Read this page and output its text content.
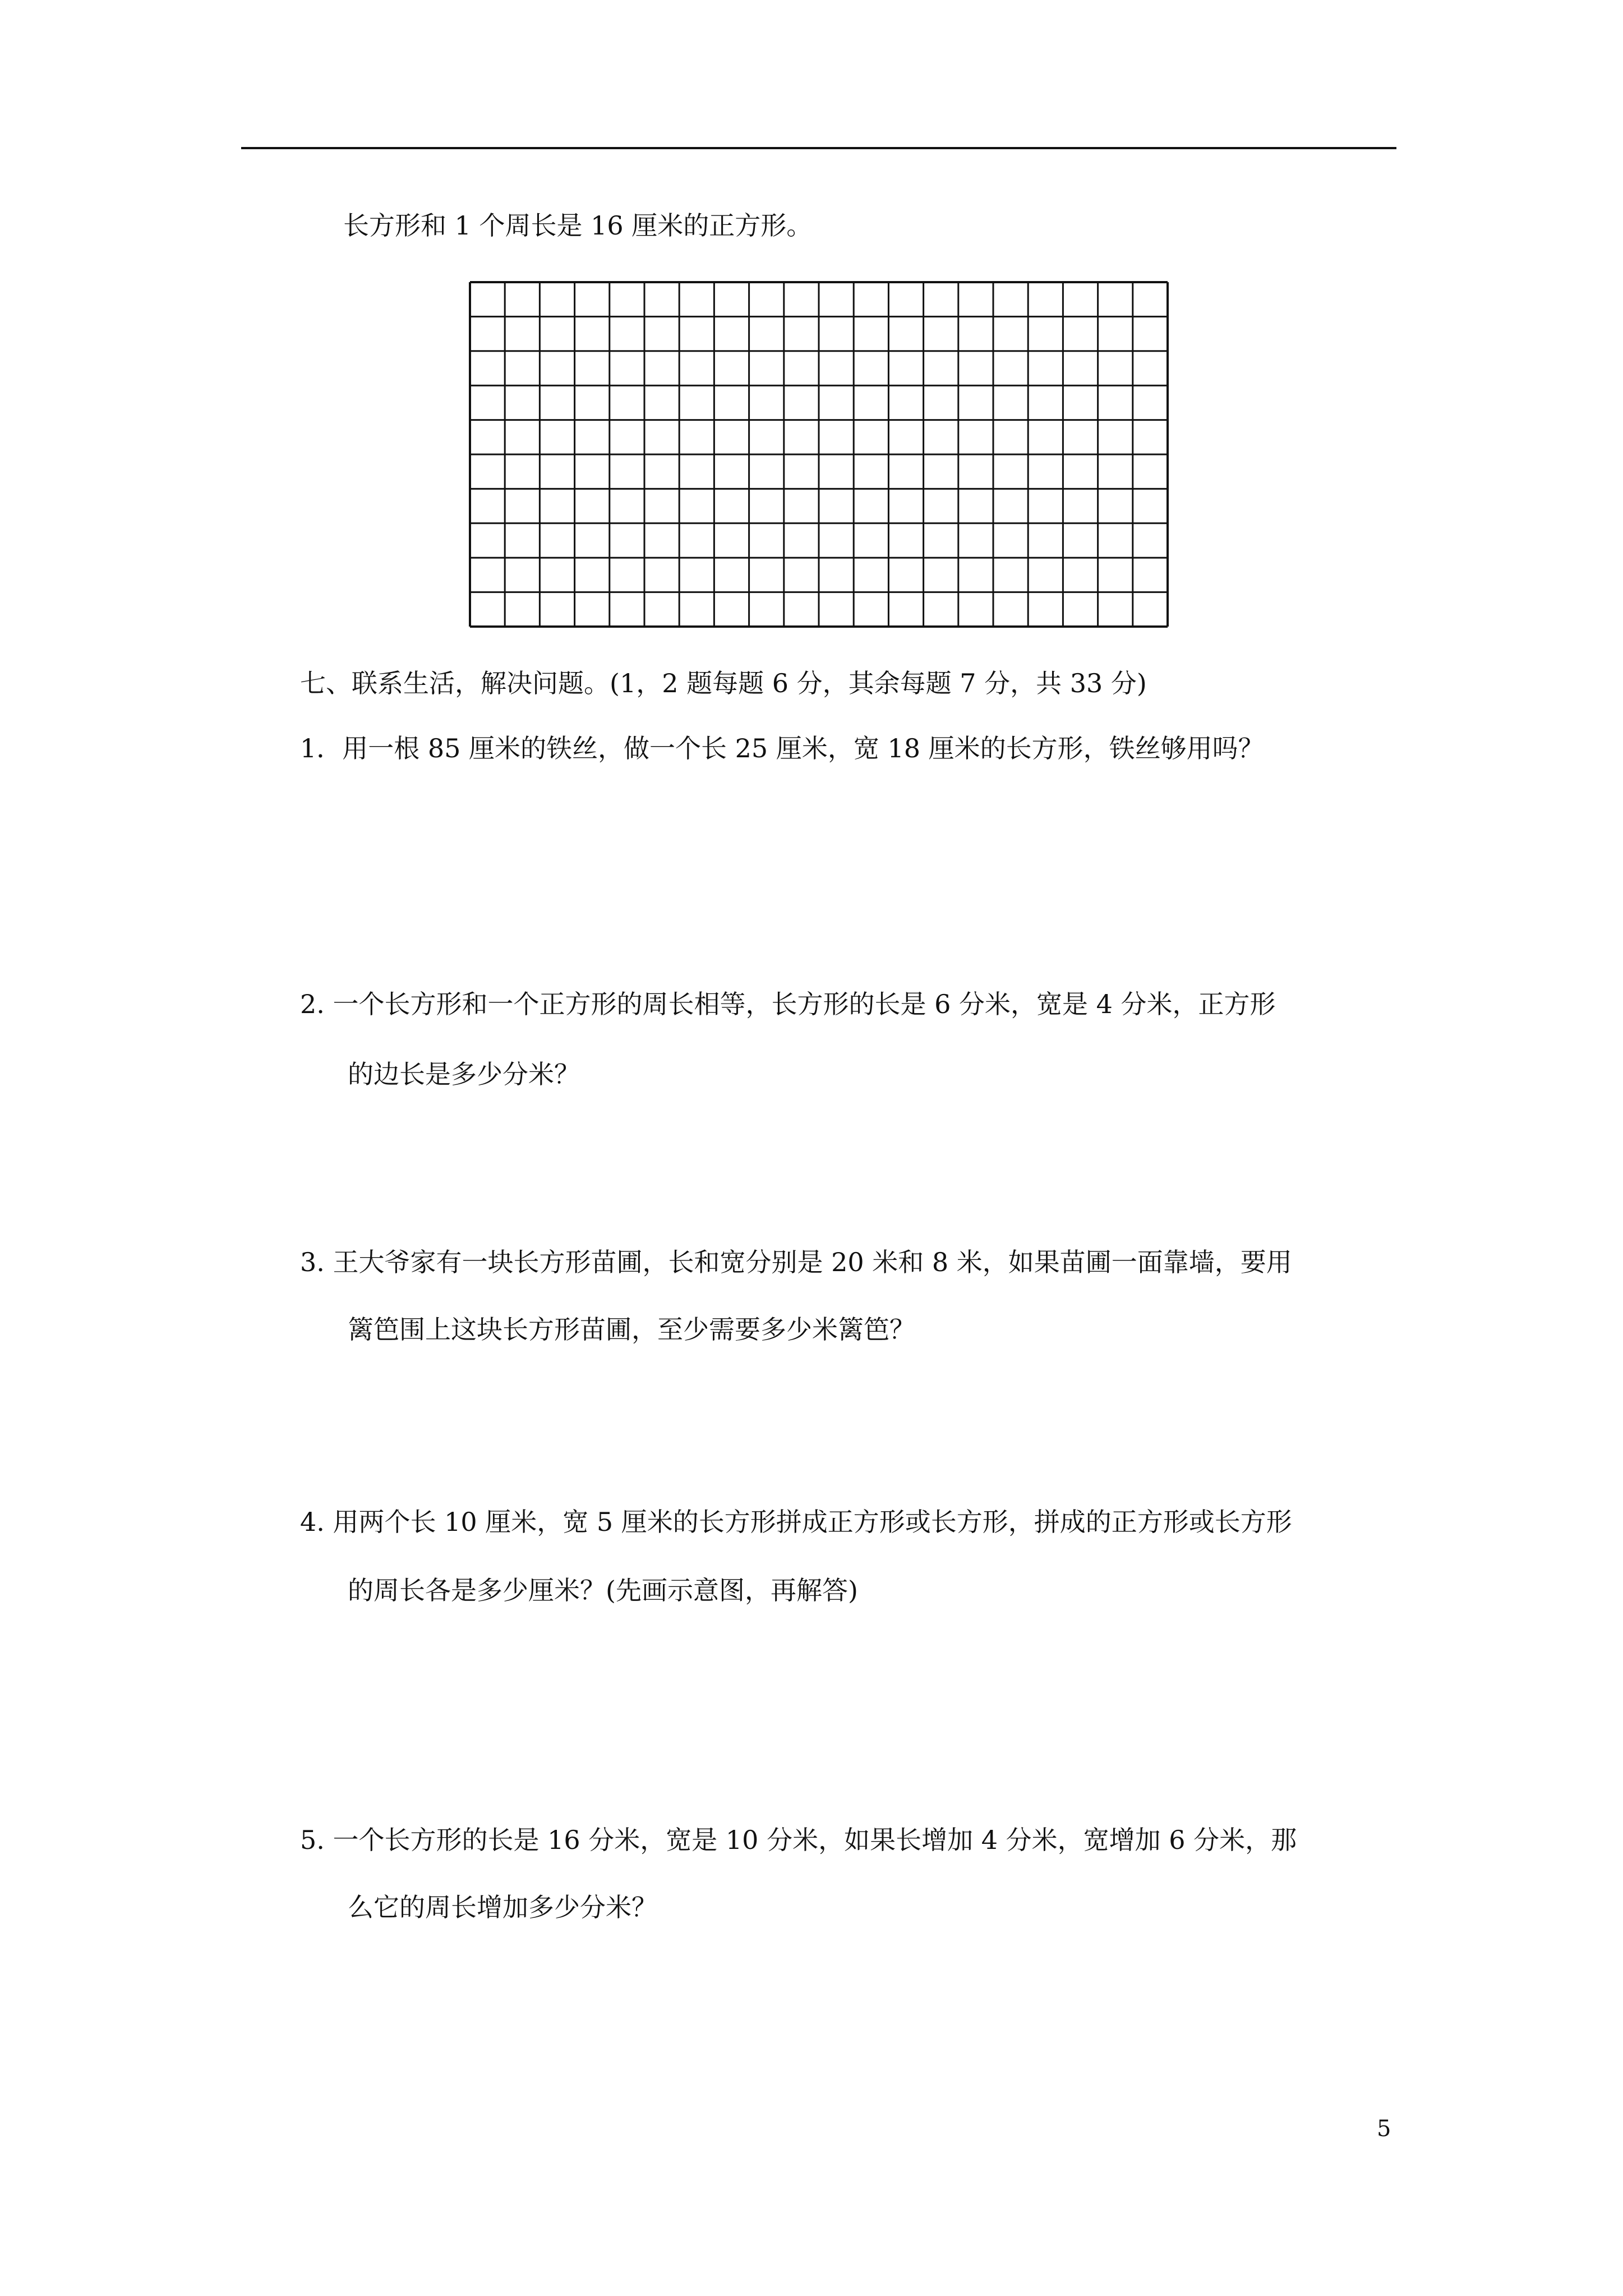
长方形和 1 个周长是 16 厘米的正方形。
七、联系生活，解决问题。(1，2 题每题 6 分，其余每题 7 分，共 33 分)
1．用一根 85 厘米的铁丝，做一个长 25 厘米，宽 18 厘米的长方形，铁丝够用吗？
2. 一个长方形和一个正方形的周长相等，长方形的长是 6 分米，宽是 4 分米，正方形
的边长是多少分米？
3. 王大爷家有一块长方形苗圃，长和宽分别是 20 米和 8 米，如果苗圃一面靠墙，要用
篱笆围上这块长方形苗圃，至少需要多少米篱笆？
4. 用两个长 10 厘米，宽 5 厘米的长方形拼成正方形或长方形，拼成的正方形或长方形
的周长各是多少厘米？(先画示意图，再解答)
5. 一个长方形的长是 16 分米，宽是 10 分米，如果长增加 4 分米，宽增加 6 分米，那
么它的周长增加多少分米？
5
